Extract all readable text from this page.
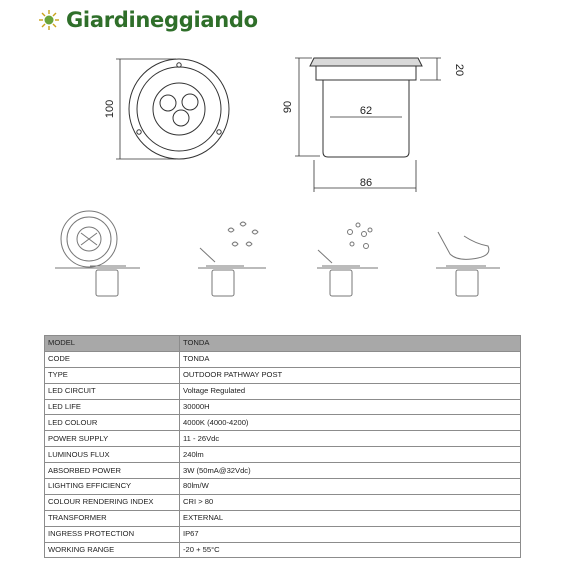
Giardineggiando
100
20
90	62
86
MODEL	TONDA
CODE	TONDA
TYPE	OUTDOOR PATHWAY POST
LED CIRCUIT	Voltage Regulated
LED LIFE	30000H
LED COLOUR	4000K (4000-4200)
POWER SUPPLY	11 - 26Vdc
LUMINOUS FLUX	240lm
ABSORBED POWER	3W (50mA@32Vdc)
LIGHTING EFFICIENCY	80lm/W
COLOUR RENDERING INDEX	CRI > 80
TRANSFORMER	EXTERNAL
INGRESS PROTECTION	IP67
WORKING RANGE	-20 + 55°C
